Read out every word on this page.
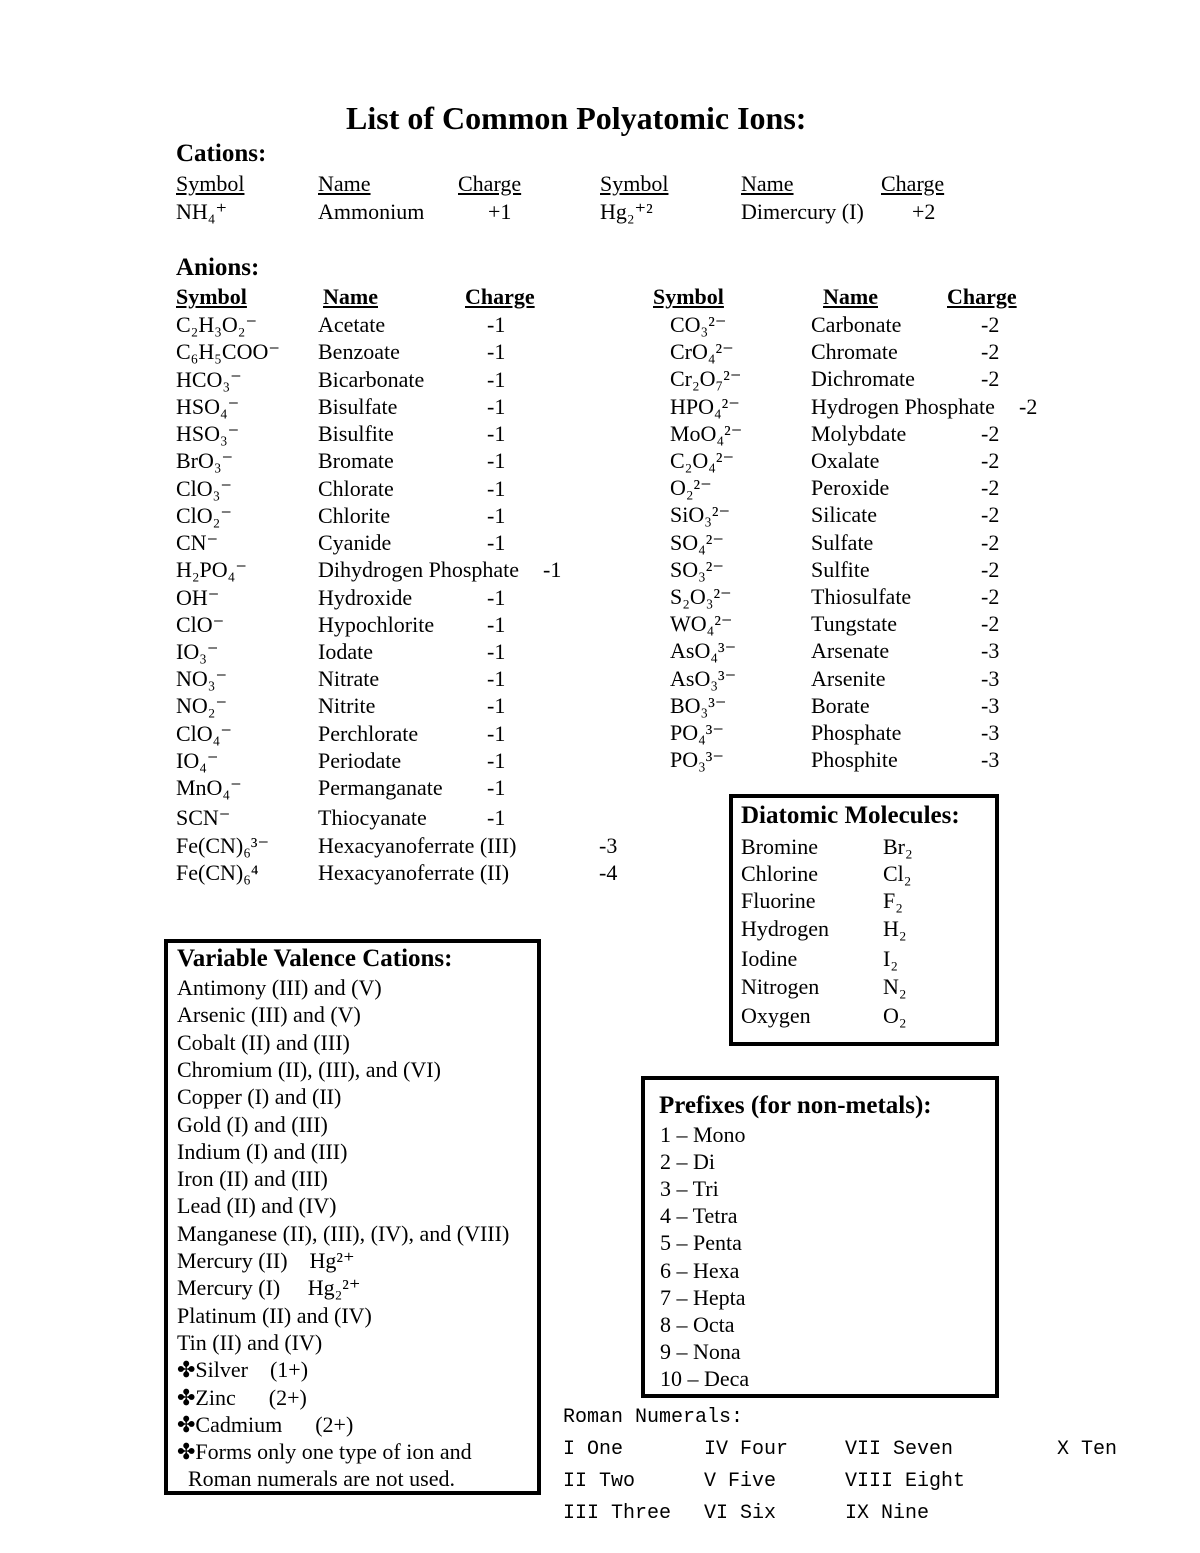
List of Common Polyatomic Ions:
Cations:
Symbol	Name	Charge	Symbol	Name	Charge
NH₄⁺	Ammonium	+1	Hg₂⁺²	Dimercury (I) +2
Anions:
Symbol	Name	Charge	Symbol	Name	Charge
C₂H₃O₂⁻	Acetate	-1
C₆H₅COO⁻ Benzoate	-1
HCO₃⁻	Bicarbonate	-1
HSO₄⁻	Bisulfate	-1
HSO₃⁻	Bisulfite	-1
BrO₃⁻	Bromate	-1
ClO₃⁻	Chlorate	-1
ClO₂⁻	Chlorite	-1
CN⁻	Cyanide	-1
H₂PO₄⁻	Dihydrogen Phosphate -1
OH⁻	Hydroxide	-1
ClO⁻	Hypochlorite -1
IO₃⁻	Iodate	-1
NO₃⁻	Nitrate	-1
NO₂⁻	Nitrite	-1
ClO₄⁻	Perchlorate	-1
IO₄⁻	Periodate	-1
MnO₄⁻	Permanganate -1
SCN⁻	Thiocyanate	-1
Fe(CN)₆³⁻ Hexacyanoferrate (III)	-3
Fe(CN)₆⁴	Hexacyanoferrate (II)	-4
CO₃²⁻	Carbonate	-2
CrO₄²⁻	Chromate	-2
Cr₂O₇²⁻	Dichromate	-2
HPO₄²⁻	Hydrogen Phosphate -2
MoO₄²⁻	Molybdate	-2
C₂O₄²⁻	Oxalate	-2
O₂²⁻	Peroxide	-2
SiO₃²⁻	Silicate	-2
SO₄²⁻	Sulfate	-2
SO₃²⁻	Sulfite	-2
S₂O₃²⁻	Thiosulfate	-2
WO₄²⁻	Tungstate	-2
AsO₄³⁻	Arsenate	-3
AsO₃³⁻	Arsenite	-3
BO₃³⁻	Borate	-3
PO₄³⁻	Phosphate	-3
PO₃³⁻	Phosphite	-3
Diatomic Molecules:
Bromine	Br₂
Chlorine	Cl₂
Fluorine	F₂
Hydrogen H₂
Iodine	I₂
Nitrogen	N₂
Oxygen	O₂
Variable Valence Cations:
Antimony (III) and (V)
Arsenic (III) and (V)
Cobalt (II) and (III)
Chromium (II), (III), and (VI)
Copper (I) and (II)
Gold (I) and (III)
Indium (I) and (III)
Iron (II) and (III)
Lead (II) and (IV)
Manganese (II), (III), (IV), and (VIII)
Mercury (II)    Hg²⁺
Mercury (I)     Hg₂²⁺
Platinum (II) and (IV)
Tin (II) and (IV)
✤Silver    (1+)
✤Zinc      (2+)
✤Cadmium      (2+)
✤Forms only one type of ion and
Roman numerals are not used.
Prefixes (for non-metals):
1 – Mono
2 – Di
3 – Tri
4 – Tetra
5 – Penta
6 – Hexa
7 – Hepta
8 – Octa
9 – Nona
10 – Deca
Roman Numerals:
I One	IV Four	VII Seven	X Ten
II Two	V Five	VIII Eight
III Three VI Six	IX Nine
